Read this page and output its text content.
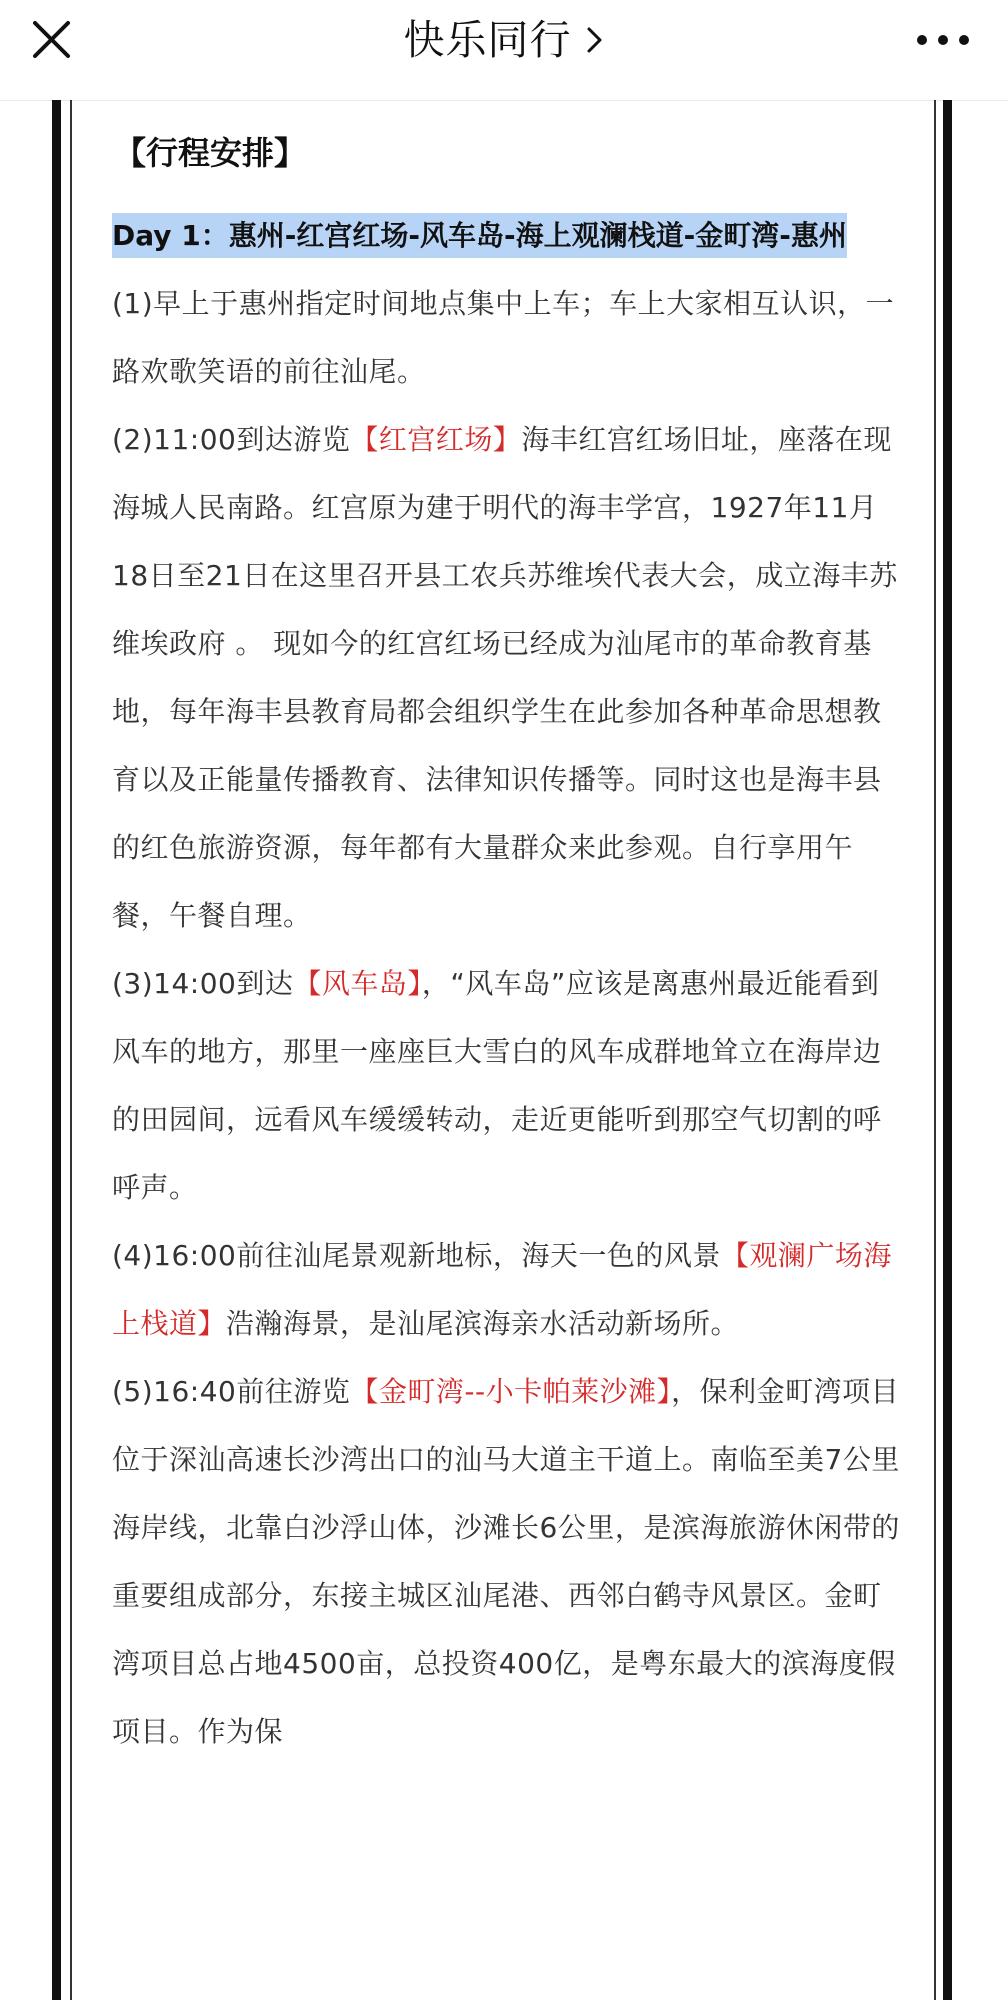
快乐同行

【行程安排】

Day 1：惠州-红宫红场-风车岛-海上观澜栈道-金町湾-惠州

(1)早上于惠州指定时间地点集中上车；车上大家相互认识，一路欢歌笑语的前往汕尾。

(2)11:00到达游览【红宫红场】海丰红宫红场旧址，座落在现海城人民南路。红宫原为建于明代的海丰学宫，1927年11月18日至21日在这里召开县工农兵苏维埃代表大会，成立海丰苏维埃政府 。 现如今的红宫红场已经成为汕尾市的革命教育基地，每年海丰县教育局都会组织学生在此参加各种革命思想教育以及正能量传播教育、法律知识传播等。同时这也是海丰县的红色旅游资源，每年都有大量群众来此参观。自行享用午餐，午餐自理。

(3)14:00到达【风车岛】，“风车岛”应该是离惠州最近能看到风车的地方，那里一座座巨大雪白的风车成群地耸立在海岸边的田园间，远看风车缓缓转动，走近更能听到那空气切割的呼呼声。

(4)16:00前往汕尾景观新地标，海天一色的风景【观澜广场海上栈道】浩瀚海景，是汕尾滨海亲水活动新场所。

(5)16:40前往游览【金町湾--小卡帕莱沙滩】，保利金町湾项目位于深汕高速长沙湾出口的汕马大道主干道上。南临至美7公里海岸线，北靠白沙浮山体，沙滩长6公里，是滨海旅游休闲带的重要组成部分，东接主城区汕尾港、西邻白鹤寺风景区。金町湾项目总占地4500亩，总投资400亿，是粤东最大的滨海度假项目。作为保
